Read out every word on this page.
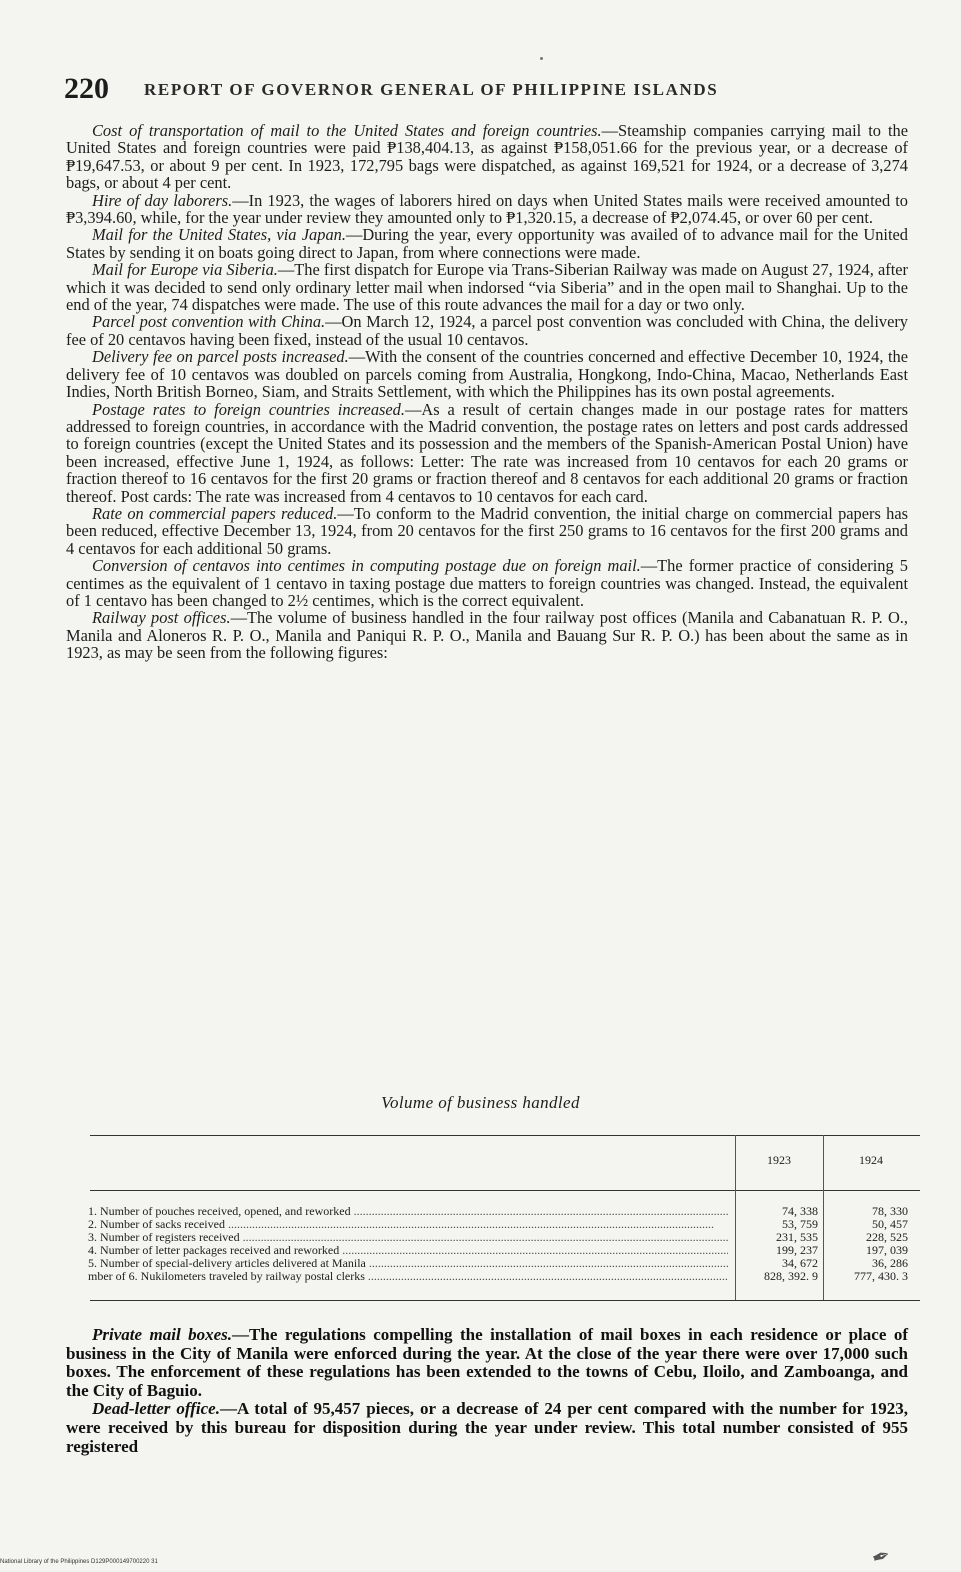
220 REPORT OF GOVERNOR GENERAL OF PHILIPPINE ISLANDS

Cost of transportation of mail to the United States and foreign countries.—Steamship companies carrying mail to the United States and foreign countries were paid ₱138,404.13, as against ₱158,051.66 for the previous year, or a decrease of ₱19,647.53, or about 9 per cent. In 1923, 172,795 bags were dispatched, as against 169,521 for 1924, or a decrease of 3,274 bags, or about 4 per cent.

Hire of day laborers.—In 1923, the wages of laborers hired on days when United States mails were received amounted to ₱3,394.60, while, for the year under review they amounted only to ₱1,320.15, a decrease of ₱2,074.45, or over 60 per cent.

Mail for the United States, via Japan.—During the year, every opportunity was availed of to advance mail for the United States by sending it on boats going direct to Japan, from where connections were made.

Mail for Europe via Siberia.—The first dispatch for Europe via Trans-Siberian Railway was made on August 27, 1924, after which it was decided to send only ordinary letter mail when indorsed “via Siberia” and in the open mail to Shanghai. Up to the end of the year, 74 dispatches were made. The use of this route advances the mail for a day or two only.

Parcel post convention with China.—On March 12, 1924, a parcel post convention was concluded with China, the delivery fee of 20 centavos having been fixed, instead of the usual 10 centavos.

Delivery fee on parcel posts increased.—With the consent of the countries concerned and effective December 10, 1924, the delivery fee of 10 centavos was doubled on parcels coming from Australia, Hongkong, Indo-China, Macao, Netherlands East Indies, North British Borneo, Siam, and Straits Settlement, with which the Philippines has its own postal agreements.

Postage rates to foreign countries increased.—As a result of certain changes made in our postage rates for matters addressed to foreign countries, in accordance with the Madrid convention, the postage rates on letters and post cards addressed to foreign countries (except the United States and its possession and the members of the Spanish-American Postal Union) have been increased, effective June 1, 1924, as follows: Letter: The rate was increased from 10 centavos for each 20 grams or fraction thereof to 16 centavos for the first 20 grams or fraction thereof and 8 centavos for each additional 20 grams or fraction thereof. Post cards: The rate was increased from 4 centavos to 10 centavos for each card.

Rate on commercial papers reduced.—To conform to the Madrid convention, the initial charge on commercial papers has been reduced, effective December 13, 1924, from 20 centavos for the first 250 grams to 16 centavos for the first 200 grams and 4 centavos for each additional 50 grams.

Conversion of centavos into centimes in computing postage due on foreign mail.—The former practice of considering 5 centimes as the equivalent of 1 centavo in taxing postage due matters to foreign countries was changed. Instead, the equivalent of 1 centavo has been changed to 2½ centimes, which is the correct equivalent.

Railway post offices.—The volume of business handled in the four railway post offices (Manila and Cabanatuan R. P. O., Manila and Aloneros R. P. O., Manila and Paniqui R. P. O., Manila and Bauang Sur R. P. O.) has been about the same as in 1923, as may be seen from the following figures:

Volume of business handled
1923	1924
1. Number of pouches received, opened, and reworked .....	74, 338	78, 330
2. Number of sacks received .....	53, 759	50, 457
3. Number of registers received .....	231, 535	228, 525
4. Number of letter packages received and reworked .....	199, 237	197, 039
5. Number of special-delivery articles delivered at Manila .....	34, 672	36, 286
mber of 6. Nukilometers traveled by railway postal clerks .....	828, 392. 9	777, 430. 3

Private mail boxes.—The regulations compelling the installation of mail boxes in each residence or place of business in the City of Manila were enforced during the year. At the close of the year there were over 17,000 such boxes. The enforcement of these regulations has been extended to the towns of Cebu, Iloilo, and Zamboanga, and the City of Baguio.

Dead-letter office.—A total of 95,457 pieces, or a decrease of 24 per cent compared with the number for 1923, were received by this bureau for disposition during the year under review. This total number consisted of 955 registered

National Library of the Philippines D129P000149700220 31	✒
